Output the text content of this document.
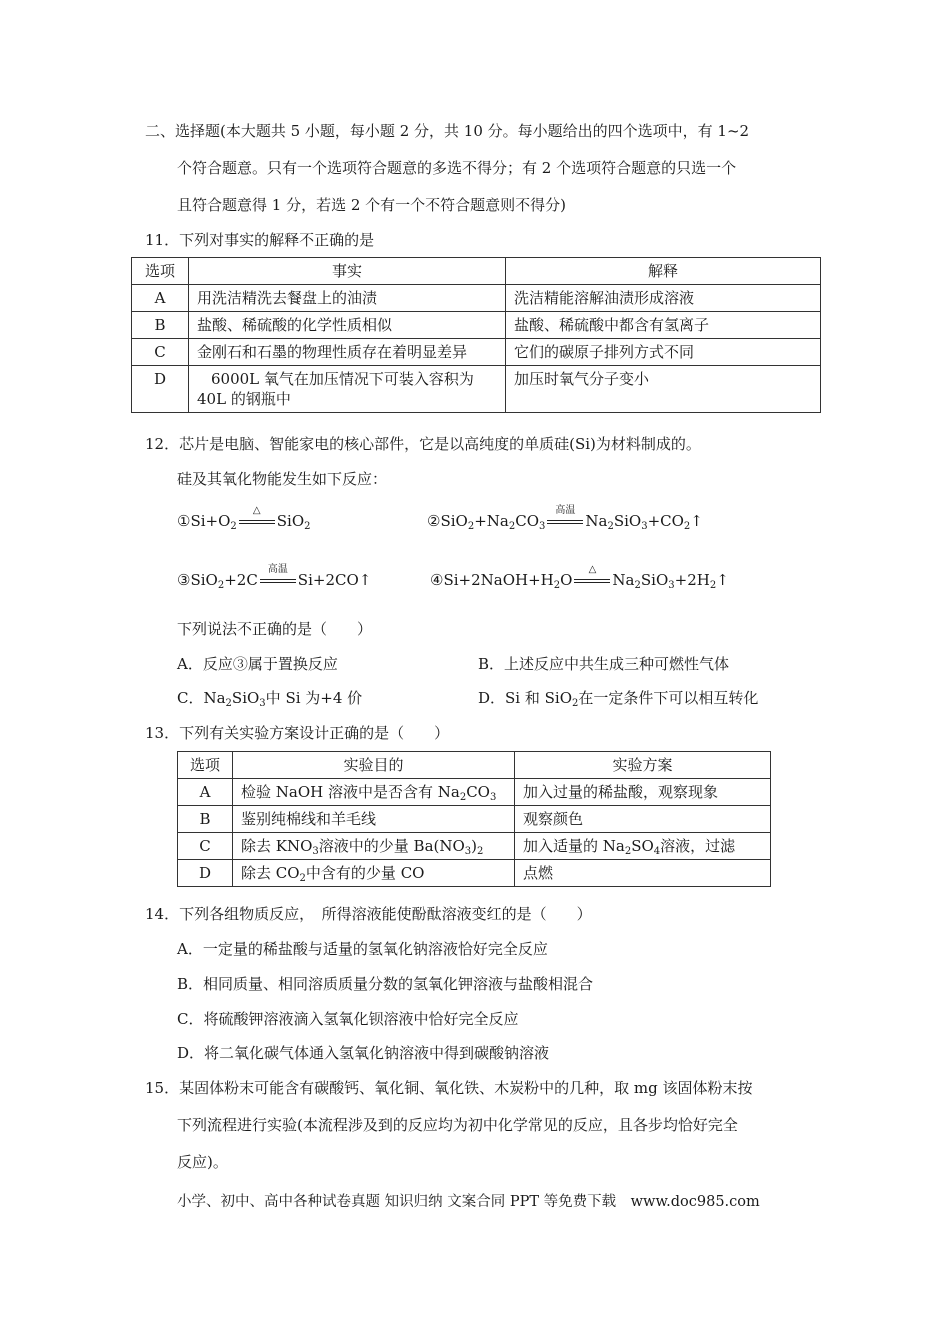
二、选择题(本大题共 5 小题，每小题 2 分，共 10 分。每小题给出的四个选项中，有 1~2
个符合题意。只有一个选项符合题意的多选不得分；有 2 个选项符合题意的只选一个
且符合题意得 1 分，若选 2 个有一个不符合题意则不得分)
11．下列对事实的解释不正确的是
选项	事实	解释
A	用洗洁精洗去餐盘上的油渍	洗洁精能溶解油渍形成溶液
B	盐酸、稀硫酸的化学性质相似	盐酸、稀硫酸中都含有氢离子
C	金刚石和石墨的物理性质存在着明显差异	它们的碳原子排列方式不同
D	6000L 氧气在加压情况下可装入容积为
40L 的钢瓶中	加压时氧气分子变小
12．芯片是电脑、智能家电的核心部件，它是以高纯度的单质硅(Si)为材料制成的。
硅及其氧化物能发生如下反应：
$①Si+O_2$
△
SiO$_2$	$②SiO_2+Na_2CO_3$
高温
$Na_2SiO_3+CO_2↑$
③SiO$_2$+2C
高温
Si+2CO↑	$④Si+2NaOH+H_2O$
△
$Na_2SiO_3+2H_2↑$
下列说法不正确的是（　　）
A．反应③属于置换反应	B．上述反应中共生成三种可燃性气体
C．$Na_2SiO_3$中 Si 为+4 价	D．Si 和 SiO$_2$在一定条件下可以相互转化
13．下列有关实验方案设计正确的是（　　）
选项	实验目的	实验方案
A	检验 NaOH 溶液中是否含有 $Na_2CO_3$	加入过量的稀盐酸，观察现象
B	鉴别纯棉线和羊毛线	观察颜色
C	除去 $KNO_3$溶液中的少量 $Ba(NO_3)_2$	加入适量的 $Na_2SO_4$溶液，过滤
D	除去 $CO_2$中含有的少量 CO	点燃
14．下列各组物质反应，　所得溶液能使酚酞溶液变红的是（　　）
A．一定量的稀盐酸与适量的氢氧化钠溶液恰好完全反应
B．相同质量、相同溶质质量分数的氢氧化钾溶液与盐酸相混合
C．将硫酸钾溶液滴入氢氧化钡溶液中恰好完全反应
D．将二氧化碳气体通入氢氧化钠溶液中得到碳酸钠溶液
15．某固体粉末可能含有碳酸钙、氧化铜、氧化铁、木炭粉中的几种，取 mg 该固体粉末按
下列流程进行实验(本流程涉及到的反应均为初中化学常见的反应，且各步均恰好完全
反应)。
小学、初中、高中各种试卷真题 知识归纳 文案合同 PPT 等免费下载　www.doc985.com
